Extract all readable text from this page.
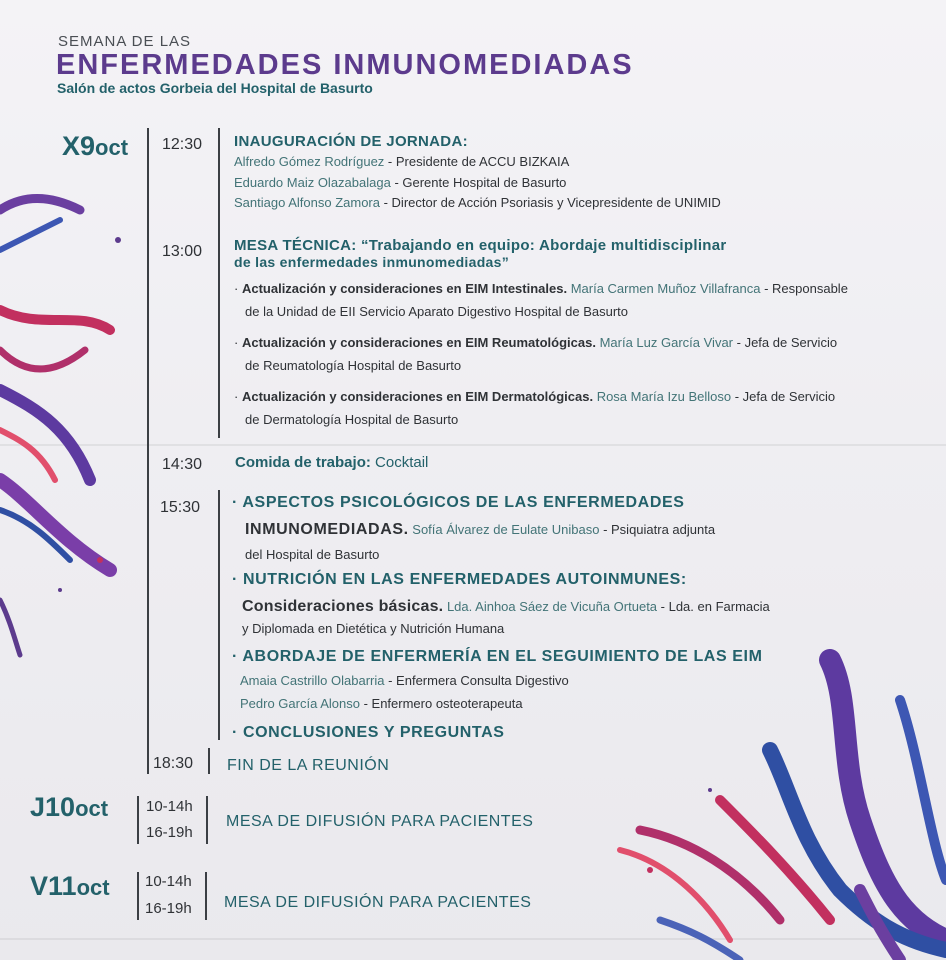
SEMANA DE LAS
ENFERMEDADES INMUNOMEDIADAS
Salón de actos Gorbeia del Hospital de Basurto
X9oct 12:30 INAUGURACIÓN DE JORNADA:
Alfredo Gómez Rodríguez - Presidente de ACCU BIZKAIA
Eduardo Maiz Olazabalaga - Gerente Hospital de Basurto
Santiago Alfonso Zamora - Director de Acción Psoriasis y Vicepresidente de UNIMID
13:00 MESA TÉCNICA: “Trabajando en equipo: Abordaje multidisciplinar
de las enfermedades inmunomediadas”
· Actualización y consideraciones en EIM Intestinales. María Carmen Muñoz Villafranca - Responsable
de la Unidad de EII Servicio Aparato Digestivo Hospital de Basurto
· Actualización y consideraciones en EIM Reumatológicas. María Luz García Vivar - Jefa de Servicio
de Reumatología Hospital de Basurto
· Actualización y consideraciones en EIM Dermatológicas. Rosa María Izu Belloso - Jefa de Servicio
de Dermatología Hospital de Basurto
14:30 Comida de trabajo: Cocktail
15:30 · ASPECTOS PSICOLÓGICOS DE LAS ENFERMEDADES
INMUNOMEDIADAS. Sofía Álvarez de Eulate Unibaso - Psiquiatra adjunta
del Hospital de Basurto
· NUTRICIÓN EN LAS ENFERMEDADES AUTOINMUNES:
Consideraciones básicas. Lda. Ainhoa Sáez de Vicuña Ortueta - Lda. en Farmacia
y Diplomada en Dietética y Nutrición Humana
· ABORDAJE DE ENFERMERÍA EN EL SEGUIMIENTO DE LAS EIM
Amaia Castrillo Olabarria - Enfermera Consulta Digestivo
Pedro García Alonso - Enfermero osteoterapeuta
· CONCLUSIONES Y PREGUNTAS
18:30 FIN DE LA REUNIÓN
J10oct	10-14h
16-19h
MESA DE DIFUSIÓN PARA PACIENTES
V11oct 10-14h
16-19h MESA DE DIFUSIÓN PARA PACIENTES
